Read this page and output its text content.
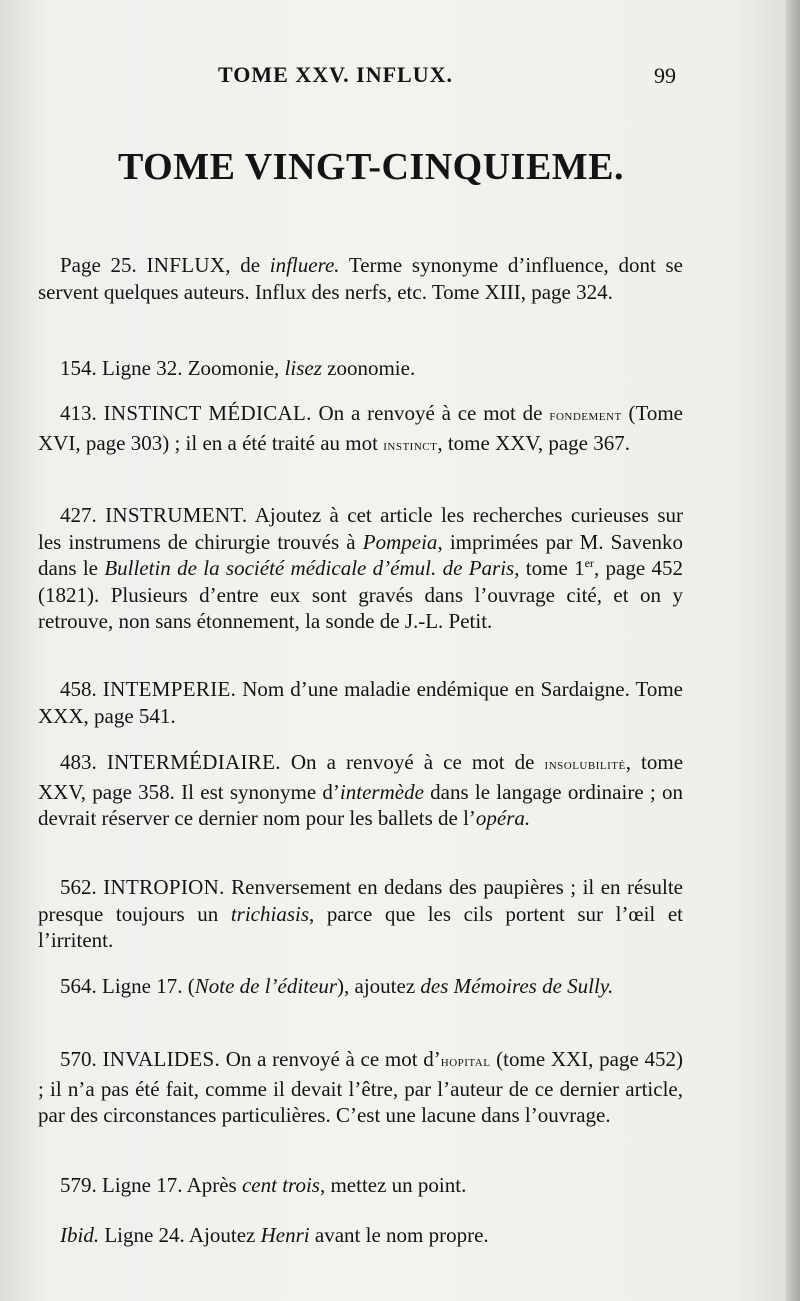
TOME XXV. INFLUX.	99
TOME VINGT-CINQUIEME.
Page 25. INFLUX, de influere. Terme synonyme d’influence, dont se servent quelques auteurs. Influx des nerfs, etc. Tome XIII, page 324.
154. Ligne 32. Zoomonie, lisez zoonomie.
413. INSTINCT MÉDICAL. On a renvoyé à ce mot de fondement (Tome XVI, page 303) ; il en a été traité au mot instinct, tome XXV, page 367.
427. INSTRUMENT. Ajoutez à cet article les recherches curieuses sur les instrumens de chirurgie trouvés à Pompeia, imprimées par M. Savenko dans le Bulletin de la société médicale d’émul. de Paris, tome 1er, page 452 (1821). Plusieurs d’entre eux sont gravés dans l’ouvrage cité, et on y retrouve, non sans étonnement, la sonde de J.-L. Petit.
458. INTEMPERIE. Nom d’une maladie endémique en Sardaigne. Tome XXX, page 541.
483. INTERMÉDIAIRE. On a renvoyé à ce mot de insolubilité, tome XXV, page 358. Il est synonyme d’intermède dans le langage ordinaire ; on devrait réserver ce dernier nom pour les ballets de l’opéra.
562. INTROPION. Renversement en dedans des paupières ; il en résulte presque toujours un trichiasis, parce que les cils portent sur l’œil et l’irritent.
564. Ligne 17. (Note de l’éditeur), ajoutez des Mémoires de Sully.
570. INVALIDES. On a renvoyé à ce mot d’hopital (tome XXI, page 452) ; il n’a pas été fait, comme il devait l’être, par l’auteur de ce dernier article, par des circonstances particulières. C’est une lacune dans l’ouvrage.
579. Ligne 17. Après cent trois, mettez un point.
Ibid. Ligne 24. Ajoutez Henri avant le nom propre.
